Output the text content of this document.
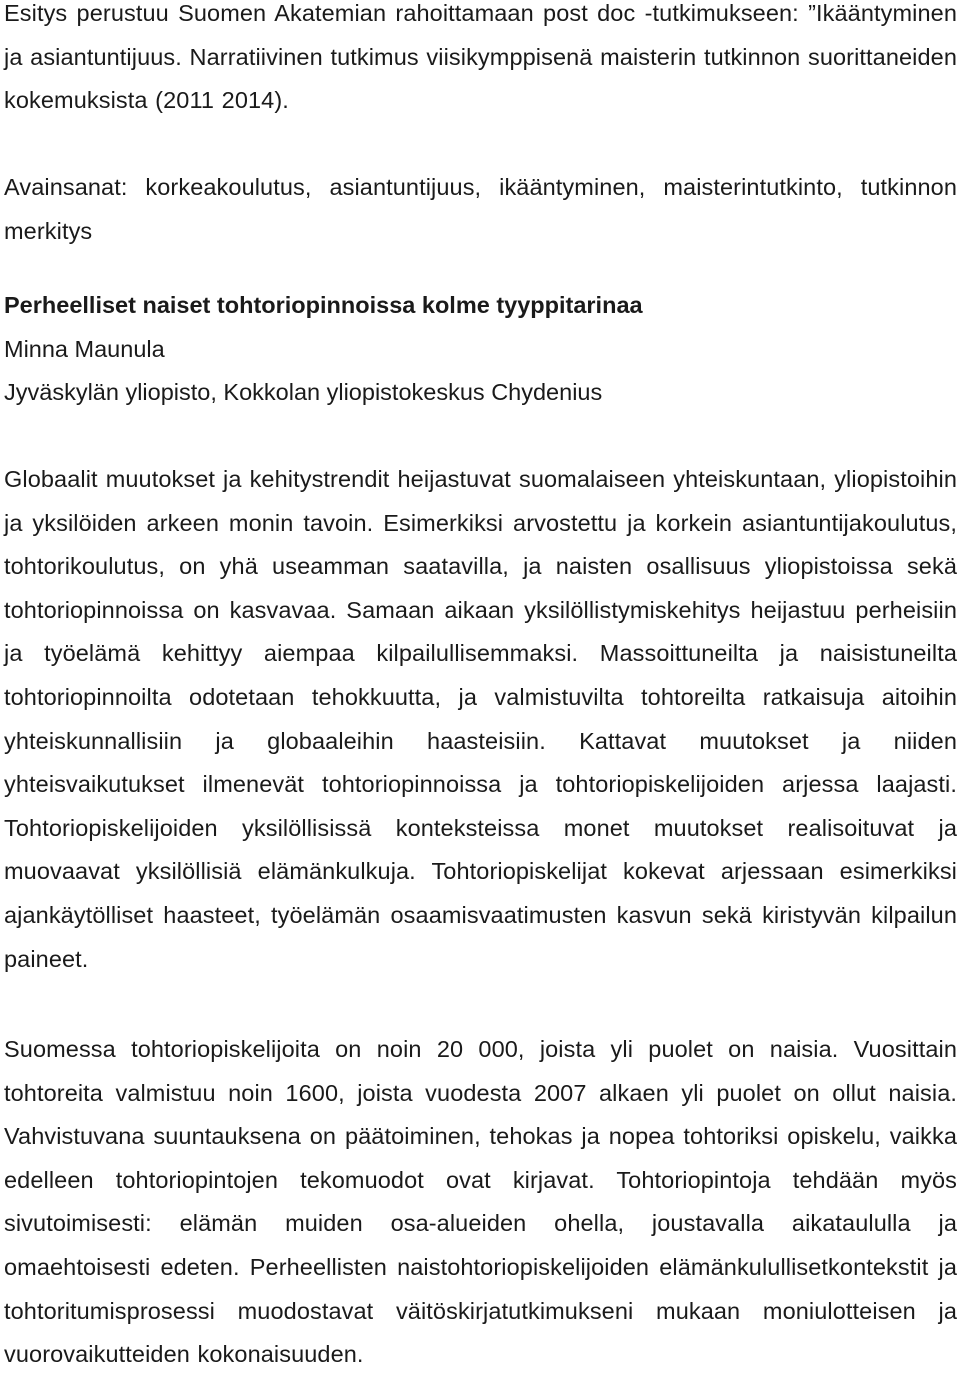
Esitys perustuu Suomen Akatemian rahoittamaan post doc -tutkimukseen: ”Ikääntyminen ja asiantuntijuus. Narratiivinen tutkimus viisikymppisenä maisterin tutkinnon suorittaneiden kokemuksista (2011 2014).

Avainsanat: korkeakoulutus, asiantuntijuus, ikääntyminen, maisterintutkinto, tutkinnon merkitys

Perheelliset naiset tohtoriopinnoissa kolme tyyppitarinaa

Minna Maunula

Jyväskylän yliopisto, Kokkolan yliopistokeskus Chydenius

Globaalit muutokset ja kehitystrendit heijastuvat suomalaiseen yhteiskuntaan, yliopistoihin ja yksilöiden arkeen monin tavoin. Esimerkiksi arvostettu ja korkein asiantuntijakoulutus, tohtorikoulutus, on yhä useamman saatavilla, ja naisten osallisuus yliopistoissa sekä tohtoriopinnoissa on kasvavaa. Samaan aikaan yksilöllistymiskehitys heijastuu perheisiin ja työelämä kehittyy aiempaa kilpailullisemmaksi. Massoittuneilta ja naisistuneilta tohtoriopinnoilta odotetaan tehokkuutta, ja valmistuvilta tohtoreilta ratkaisuja aitoihin yhteiskunnallisiin ja globaaleihin haasteisiin. Kattavat muutokset ja niiden yhteisvaikutukset ilmenevät tohtoriopinnoissa ja tohtoriopiskelijoiden arjessa laajasti. Tohtoriopiskelijoiden yksilöllisissä konteksteissa monet muutokset realisoituvat ja muovaavat yksilöllisiä elämänkulkuja. Tohtoriopiskelijat kokevat arjessaan esimerkiksi ajankäytölliset haasteet, työelämän osaamisvaatimusten kasvun sekä kiristyvän kilpailun paineet.

Suomessa tohtoriopiskelijoita on noin 20 000, joista yli puolet on naisia. Vuosittain tohtoreita valmistuu noin 1600, joista vuodesta 2007 alkaen yli puolet on ollut naisia. Vahvistuvana suuntauksena on päätoiminen, tehokas ja nopea tohtoriksi opiskelu, vaikka edelleen tohtoriopintojen tekomuodot ovat kirjavat. Tohtoriopintoja tehdään myös sivutoimisesti: elämän muiden osa-alueiden ohella, joustavalla aikataululla ja omaehtoisesti edeten. Perheellisten naistohtoriopiskelijoiden elämänkulullisetkontekstit ja tohtoritumisprosessi muodostavat väitöskirjatutkimukseni mukaan moniulotteisen ja vuorovaikutteiden kokonaisuuden.
